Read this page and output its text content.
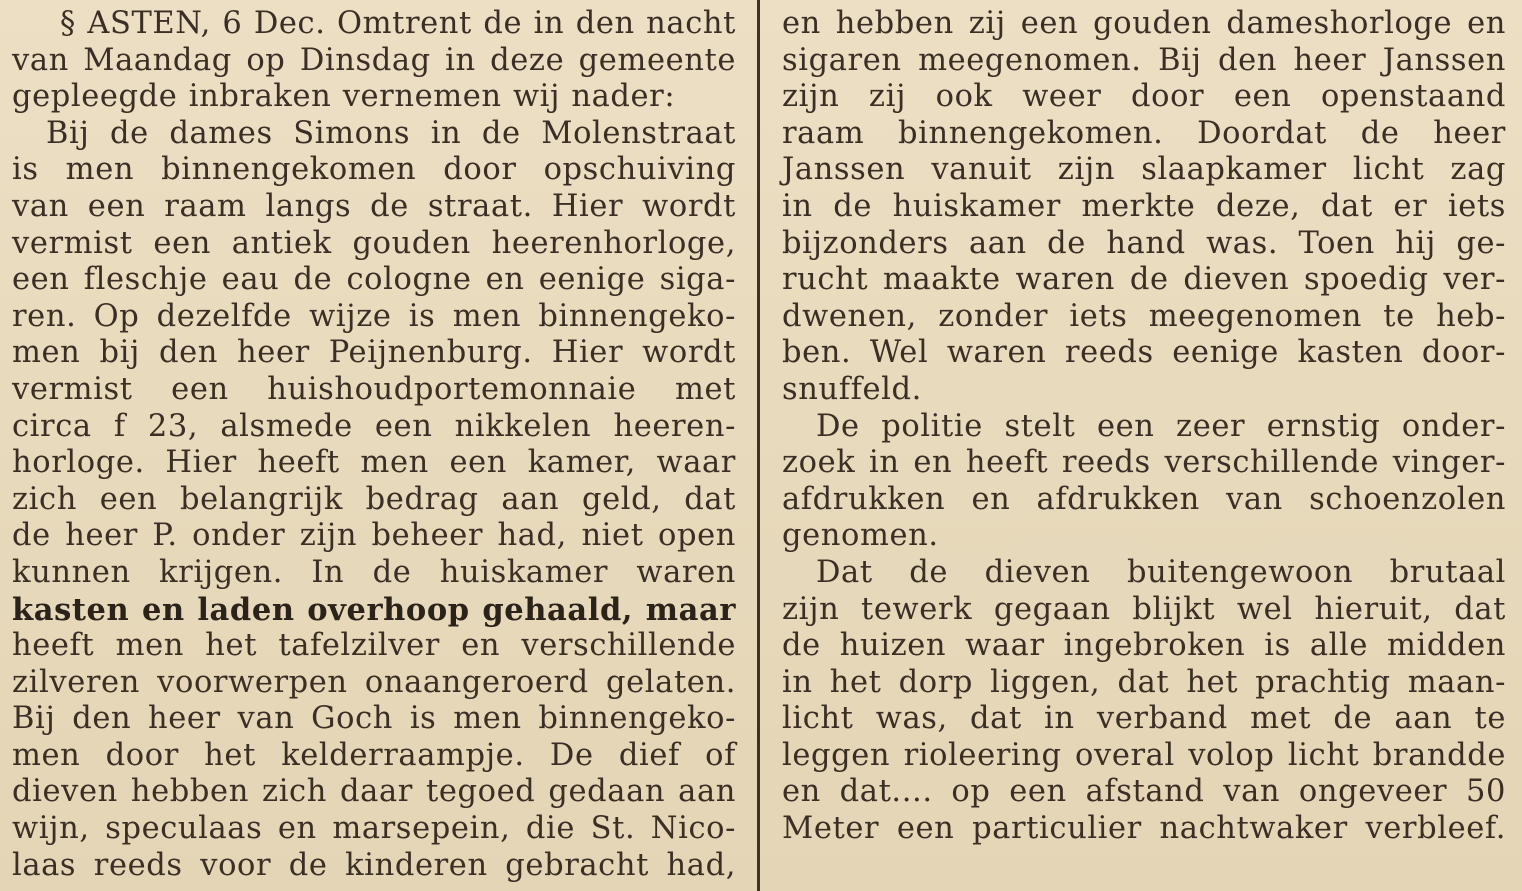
§ ASTEN, 6 Dec. Omtrent de in den nacht
van Maandag op Dinsdag in deze gemeente
gepleegde inbraken vernemen wij nader:
Bij de dames Simons in de Molenstraat
is men binnengekomen door opschuiving
van een raam langs de straat. Hier wordt
vermist een antiek gouden heerenhorloge,
een fleschje eau de cologne en eenige siga-
ren. Op dezelfde wijze is men binnengeko-
men bij den heer Peijnenburg. Hier wordt
vermist een huishoudportemonnaie met
circa f 23, alsmede een nikkelen heeren-
horloge. Hier heeft men een kamer, waar
zich een belangrijk bedrag aan geld, dat
de heer P. onder zijn beheer had, niet open
kunnen krijgen. In de huiskamer waren
kasten en laden overhoop gehaald, maar
heeft men het tafelzilver en verschillende
zilveren voorwerpen onaangeroerd gelaten.
Bij den heer van Goch is men binnengeko-
men door het kelderraampje. De dief of
dieven hebben zich daar tegoed gedaan aan
wijn, speculaas en marsepein, die St. Nico-
laas reeds voor de kinderen gebracht had,
en hebben zij een gouden dameshorloge en
sigaren meegenomen. Bij den heer Janssen
zijn zij ook weer door een openstaand
raam binnengekomen. Doordat de heer
Janssen vanuit zijn slaapkamer licht zag
in de huiskamer merkte deze, dat er iets
bijzonders aan de hand was. Toen hij ge-
rucht maakte waren de dieven spoedig ver-
dwenen, zonder iets meegenomen te heb-
ben. Wel waren reeds eenige kasten door-
snuffeld.
De politie stelt een zeer ernstig onder-
zoek in en heeft reeds verschillende vinger-
afdrukken en afdrukken van schoenzolen
genomen.
Dat de dieven buitengewoon brutaal
zijn tewerk gegaan blijkt wel hieruit, dat
de huizen waar ingebroken is alle midden
in het dorp liggen, dat het prachtig maan-
licht was, dat in verband met de aan te
leggen rioleering overal volop licht brandde
en dat.... op een afstand van ongeveer 50
Meter een particulier nachtwaker verbleef.
